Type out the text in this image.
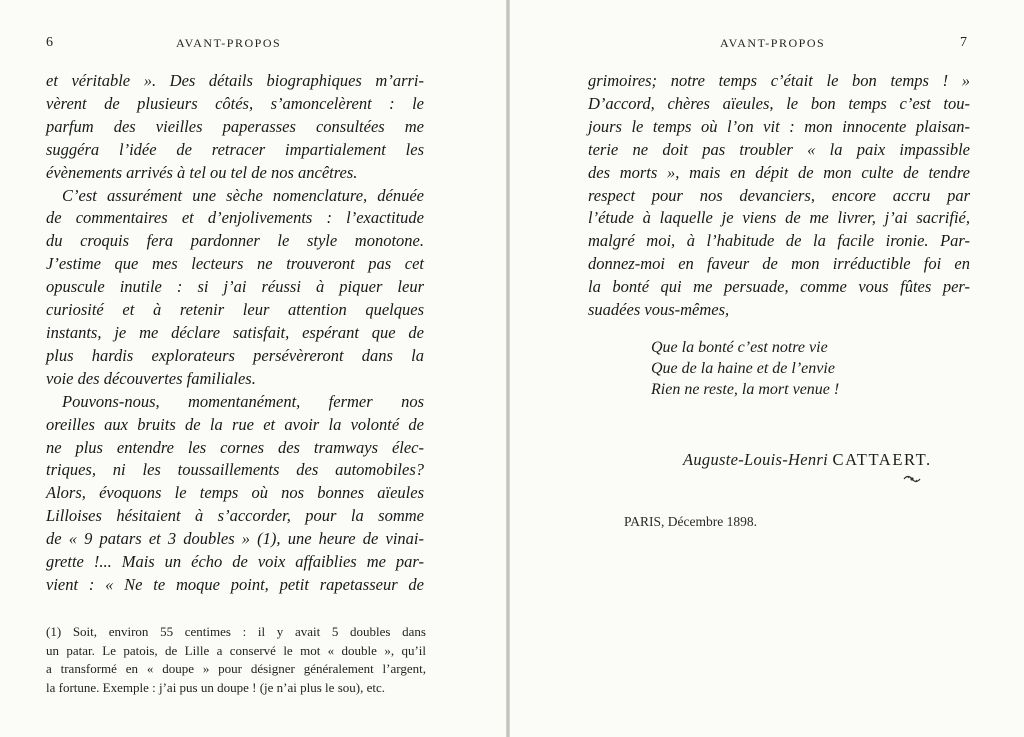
6	AVANT-PROPOS
et véritable ». Des détails biographiques m’arri-
vèrent de plusieurs côtés, s’amoncelèrent : le
parfum des vieilles paperasses consultées me
suggéra l’idée de retracer impartialement les
évènements arrivés à tel ou tel de nos ancêtres.
C’est assurément une sèche nomenclature, dénuée
de commentaires et d’enjolivements : l’exactitude
du croquis fera pardonner le style monotone.
J’estime que mes lecteurs ne trouveront pas cet
opuscule inutile : si j’ai réussi à piquer leur
curiosité et à retenir leur attention quelques
instants, je me déclare satisfait, espérant que de
plus hardis explorateurs persévèreront dans la
voie des découvertes familiales.
Pouvons-nous, momentanément, fermer nos
oreilles aux bruits de la rue et avoir la volonté de
ne plus entendre les cornes des tramways élec-
triques, ni les toussaillements des automobiles?
Alors, évoquons le temps où nos bonnes aïeules
Lilloises hésitaient à s’accorder, pour la somme
de « 9 patars et 3 doubles » (1), une heure de vinai-
grette !... Mais un écho de voix affaiblies me par-
vient : « Ne te moque point, petit rapetasseur de
(1) Soit, environ 55 centimes : il y avait 5 doubles dans
un patar. Le patois, de Lille a conservé le mot « double », qu’il
a transformé en « doupe » pour désigner généralement l’argent,
la fortune. Exemple : j’ai pus un doupe ! (je n’ai plus le sou), etc.
AVANT-PROPOS	7
grimoires; notre temps c’était le bon temps ! »
D’accord, chères aïeules, le bon temps c’est tou-
jours le temps où l’on vit : mon innocente plaisan-
terie ne doit pas troubler « la paix impassible
des morts », mais en dépit de mon culte de tendre
respect pour nos devanciers, encore accru par
l’étude à laquelle je viens de me livrer, j’ai sacrifié,
malgré moi, à l’habitude de la facile ironie. Par-
donnez-moi en faveur de mon irréductible foi en
la bonté qui me persuade, comme vous fûtes per-
suadées vous-mêmes,
Que la bonté c’est notre vie
Que de la haine et de l’envie
Rien ne reste, la mort venue !
Auguste-Louis-Henri CATTAERT.
PARIS, Décembre 1898.
